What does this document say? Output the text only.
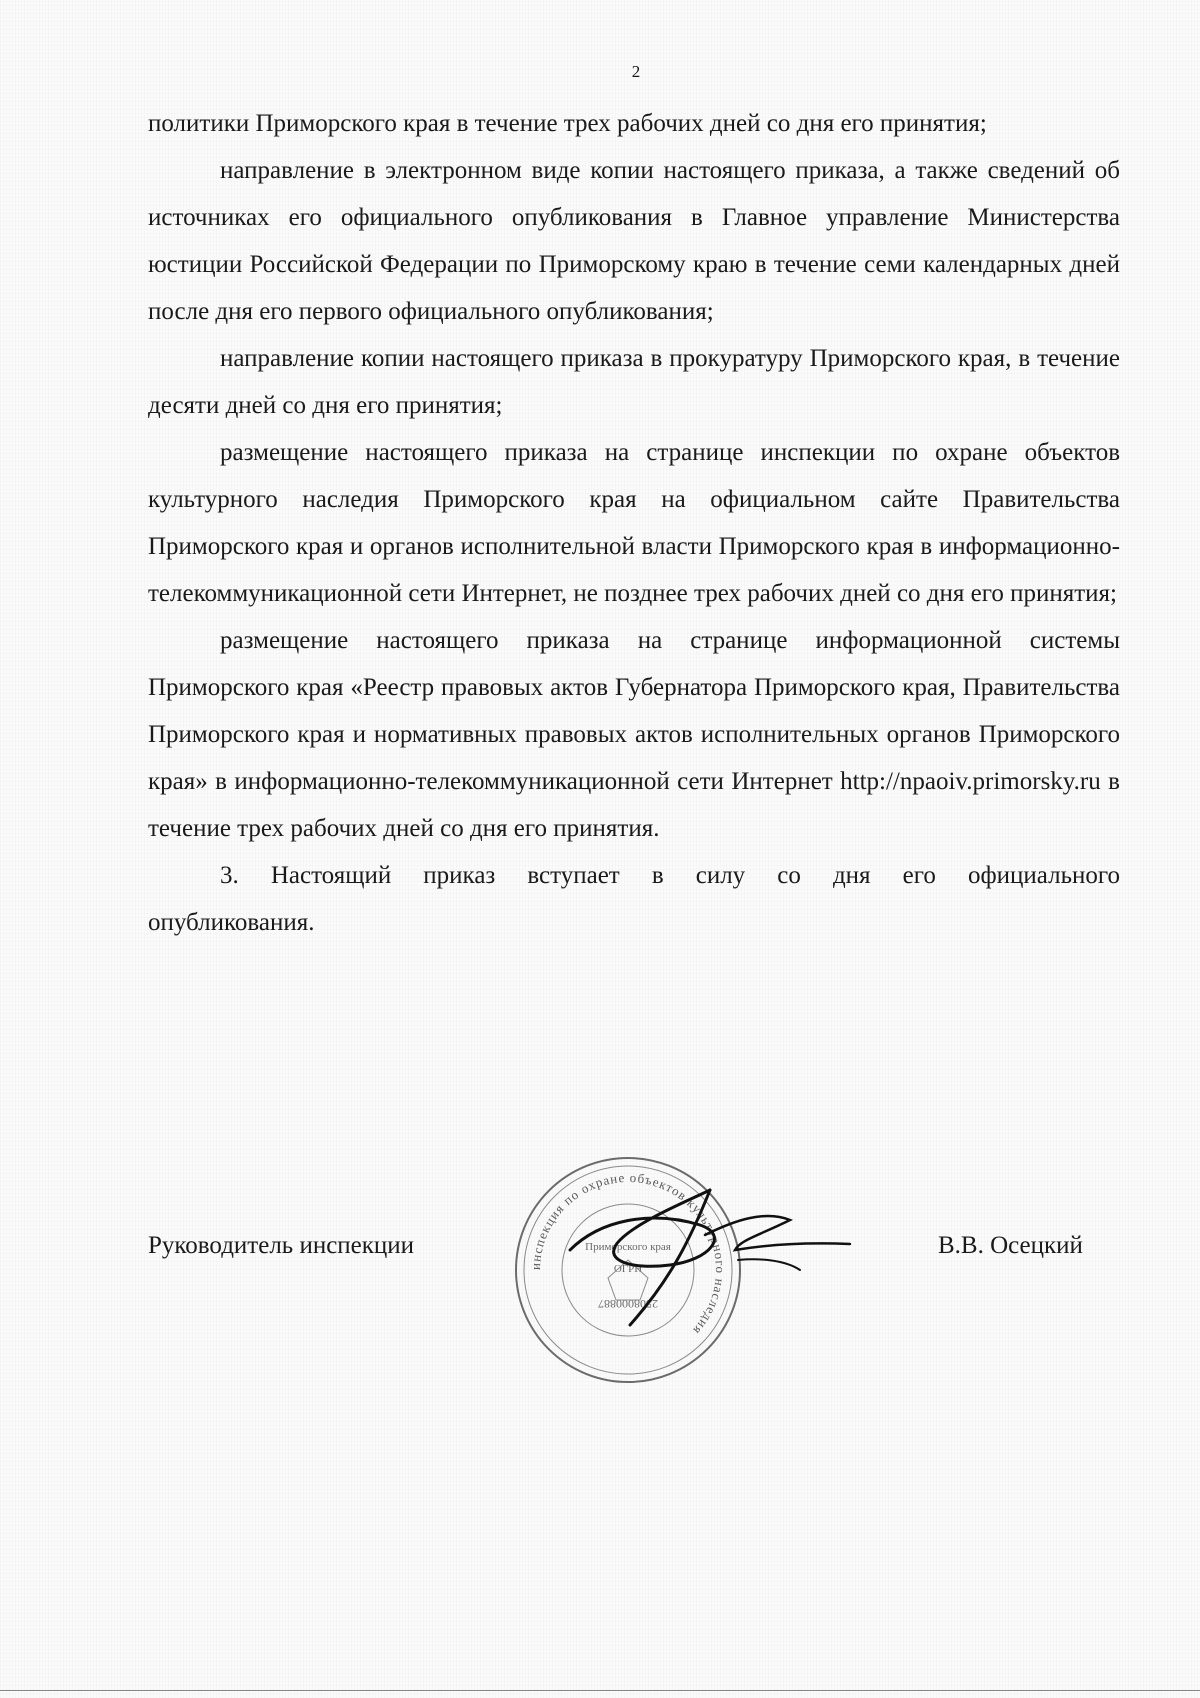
2

политики Приморского края в течение трех рабочих дней со дня его принятия;

направление в электронном виде копии настоящего приказа, а также сведений об источниках его официального опубликования в Главное управление Министерства юстиции Российской Федерации по Приморскому краю в течение семи календарных дней после дня его первого официального опубликования;

направление копии настоящего приказа в прокуратуру Приморского края, в течение десяти дней со дня его принятия;

размещение настоящего приказа на странице инспекции по охране объектов культурного наследия Приморского края на официальном сайте Правительства Приморского края и органов исполнительной власти Приморского края в информационно-телекоммуникационной сети Интернет, не позднее трех рабочих дней со дня его принятия;

размещение настоящего приказа на странице информационной системы Приморского края «Реестр правовых актов Губернатора Приморского края, Правительства Приморского края и нормативных правовых актов исполнительных органов Приморского края» в информационно-телекоммуникационной сети Интернет http://npaoiv.primorsky.ru в течение трех рабочих дней со дня его принятия.

3. Настоящий приказ вступает в силу со дня его официального опубликования.

Руководитель инспекции
инспекция по охране объектов культурного наследия
Приморского края
ОГРН
2508000887
В.В. Осецкий
